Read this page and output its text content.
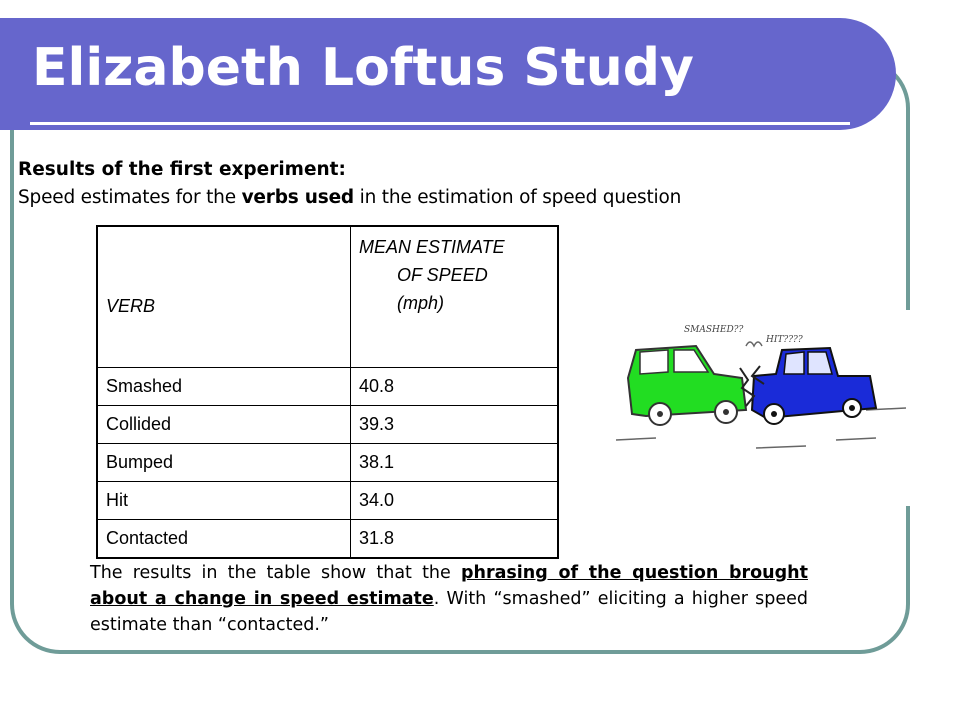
Elizabeth Loftus Study
Results of the first experiment:
Speed estimates for the verbs used in the estimation of speed question
VERB	MEAN ESTIMATE
OF SPEED
(mph)

Smashed	40.8
Collided	39.3
Bumped	38.1
Hit	34.0
Contacted	31.8
SMASHED??
HIT????
The results in the table show that the phrasing of the question brought about a change in speed estimate. With “smashed” eliciting a higher speed estimate than “contacted.”
